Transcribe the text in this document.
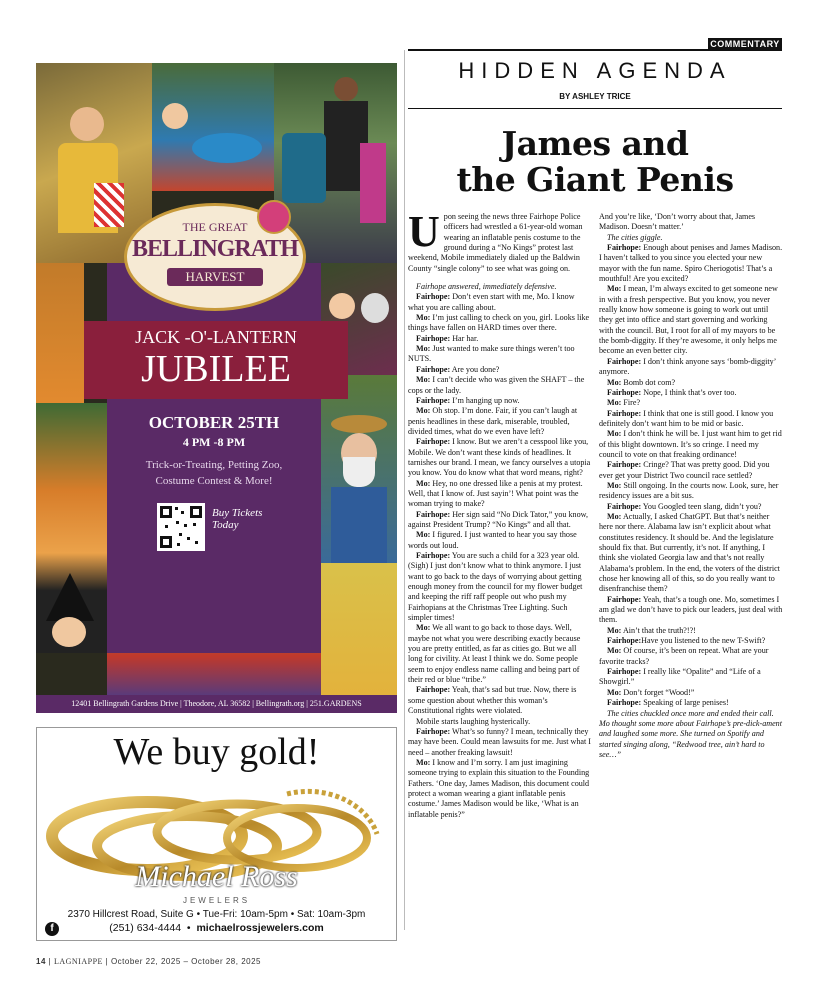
COMMENTARY
HIDDEN AGENDA
BY ASHLEY TRICE
James and
the Giant Penis
U pon seeing the news three Fairhope Police officers had wrestled a 61-year-old woman wearing an inflatable penis costume to the ground during a “No Kings” protest last weekend, Mobile immediately dialed up the Baldwin County “single colony” to see what was going on.

Fairhope answered, immediately defensive.

Fairhope: Don’t even start with me, Mo. I know what you are calling about.

Mo: I’m just calling to check on you, girl. Looks like things have fallen on HARD times over there.

Fairhope: Har har.

Mo: Just wanted to make sure things weren’t too NUTS.

Fairhope: Are you done?

Mo: I can’t decide who was given the SHAFT – the cops or the lady.

Fairhope: I’m hanging up now.

Mo: Oh stop. I’m done. Fair, if you can’t laugh at penis headlines in these dark, miserable, troubled, divided times, what do we even have left?

Fairhope: I know. But we aren’t a cesspool like you, Mobile. We don’t want these kinds of headlines. It tarnishes our brand. I mean, we fancy ourselves a utopia you know. You do know what that word means, right?

Mo: Hey, no one dressed like a penis at my protest. Well, that I know of. Just sayin’! What point was the woman trying to make?

Fairhope: Her sign said “No Dick Tator,” you know, against President Trump? “No Kings” and all that.

Mo: I figured. I just wanted to hear you say those words out loud.

Fairhope: You are such a child for a 323 year old. (Sigh) I just don’t know what to think anymore. I just want to go back to the days of worrying about getting enough money from the council for my flower budget and keeping the riff raff people out who push my Fairhopians at the Christmas Tree Lighting. Such simpler times!

Mo: We all want to go back to those days. Well, maybe not what you were describing exactly because you are pretty entitled, as far as cities go. But we all long for civility. At least I think we do. Some people seem to enjoy endless name calling and being part of their red or blue “tribe.”

Fairhope: Yeah, that’s sad but true. Now, there is some question about whether this woman’s Constitutional rights were violated.

Mobile starts laughing hysterically.

Fairhope: What’s so funny? I mean, technically they may have been. Could mean lawsuits for me. Just what I need – another freaking lawsuit!

Mo: I know and I’m sorry. I am just imagining someone trying to explain this situation to the Founding Fathers. ‘One day, James Madison, this document could protect a woman wearing a giant inflatable penis costume.’ James Madison would be like, ‘What is an inflatable penis?”

And you’re like, ‘Don’t worry about that, James Madison. Doesn’t matter.’

The cities giggle.

Fairhope: Enough about penises and James Madison. I haven’t talked to you since you elected your new mayor with the fun name. Spiro Cheriogotis! That’s a mouthful! Are you excited?

Mo: I mean, I’m always excited to get someone new in with a fresh perspective. But you know, you never really know how someone is going to work out until they get into office and start governing and working with the council. But, I root for all of my mayors to be the bomb-diggity. If they’re awesome, it only helps me become an even better city.

Fairhope: I don’t think anyone says ‘bomb-diggity’ anymore.

Mo: Bomb dot com?

Fairhope: Nope, I think that’s over too.

Mo: Fire?

Fairhope: I think that one is still good. I know you definitely don’t want him to be mid or basic.

Mo: I don’t think he will be. I just want him to get rid of this blight downtown. It’s so cringe. I need my council to vote on that freaking ordinance!

Fairhope: Cringe? That was pretty good. Did you ever get your District Two council race settled?

Mo: Still ongoing. In the courts now. Look, sure, her residency issues are a bit sus.

Fairhope: You Googled teen slang, didn’t you?

Mo: Actually, I asked ChatGPT. But that’s neither here nor there. Alabama law isn’t explicit about what constitutes residency. It should be. And the legislature should fix that. But currently, it’s not. If anything, I think she violated Georgia law and that’s not really Alabama’s problem. In the end, the voters of the district chose her knowing all of this, so do you really want to disenfranchise them?

Fairhope: Yeah, that’s a tough one. Mo, sometimes I am glad we don’t have to pick our leaders, just deal with them.

Mo: Ain’t that the truth?!?!

Fairhope:Have you listened to the new T-Swift?

Mo: Of course, it’s been on repeat. What are your favorite tracks?

Fairhope: I really like “Opalite” and “Life of a Showgirl.”

Mo: Don’t forget “Wood!”

Fairhope: Speaking of large penises!

The cities chuckled once more and ended their call. Mo thought some more about Fairhope’s pre-dick-ament and laughed some more. She turned on Spotify and started singing along, “Redwood tree, ain’t hard to see…”

THE GREAT
BELLINGRATH
HARVEST
JACK -O'-LANTERN
JUBILEE
OCTOBER 25TH
4 PM -8 PM
Trick-or-Treating, Petting Zoo,
Costume Contest & More!
Buy Tickets
Today
12401 Bellingrath Gardens Drive | Theodore, AL 36582 | Bellingrath.org | 251.GARDENS
We buy gold!
Michael Ross
JEWELERS
2370 Hillcrest Road, Suite G • Tue-Fri: 10am-5pm • Sat: 10am-3pm
(251) 634-4444  •  michaelrossjewelers.com
f
14 | LAGNIAPPE | October 22, 2025 – October 28, 2025
